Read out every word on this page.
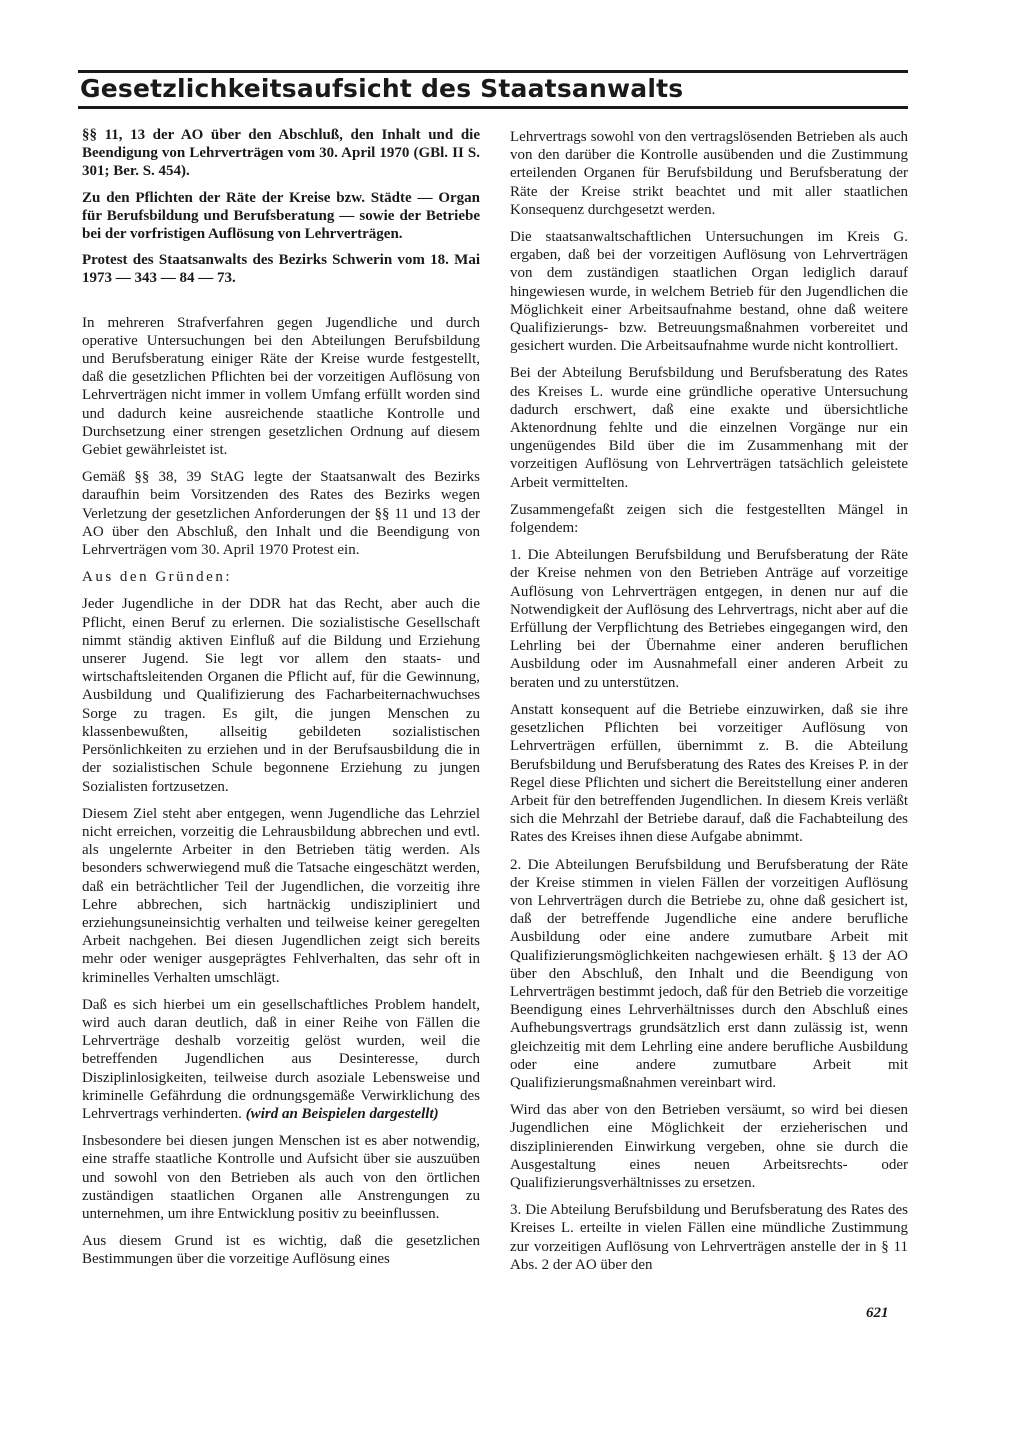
Gesetzlichkeitsaufsicht des Staatsanwalts

§§ 11, 13 der AO über den Abschluß, den Inhalt und die Beendigung von Lehrverträgen vom 30. April 1970 (GBl. II S. 301; Ber. S. 454).

Zu den Pflichten der Räte der Kreise bzw. Städte — Organ für Berufsbildung und Berufsberatung — sowie der Betriebe bei der vorfristigen Auflösung von Lehrverträgen.

Protest des Staatsanwalts des Bezirks Schwerin vom 18. Mai 1973 — 343 — 84 — 73.

In mehreren Strafverfahren gegen Jugendliche und durch operative Untersuchungen bei den Abteilungen Berufsbildung und Berufsberatung einiger Räte der Kreise wurde festgestellt, daß die gesetzlichen Pflichten bei der vorzeitigen Auflösung von Lehrverträgen nicht immer in vollem Umfang erfüllt worden sind und dadurch keine ausreichende staatliche Kontrolle und Durchsetzung einer strengen gesetzlichen Ordnung auf diesem Gebiet gewährleistet ist.

Gemäß §§ 38, 39 StAG legte der Staatsanwalt des Bezirks daraufhin beim Vorsitzenden des Rates des Bezirks wegen Verletzung der gesetzlichen Anforderungen der §§ 11 und 13 der AO über den Abschluß, den Inhalt und die Beendigung von Lehrverträgen vom 30. April 1970 Protest ein.

Aus den Gründen:

Jeder Jugendliche in der DDR hat das Recht, aber auch die Pflicht, einen Beruf zu erlernen. Die sozialistische Gesellschaft nimmt ständig aktiven Einfluß auf die Bildung und Erziehung unserer Jugend. Sie legt vor allem den staats- und wirtschaftsleitenden Organen die Pflicht auf, für die Gewinnung, Ausbildung und Qualifizierung des Facharbeiternachwuchses Sorge zu tragen. Es gilt, die jungen Menschen zu klassenbewußten, allseitig gebildeten sozialistischen Persönlichkeiten zu erziehen und in der Berufsausbildung die in der sozialistischen Schule begonnene Erziehung zu jungen Sozialisten fortzusetzen.

Diesem Ziel steht aber entgegen, wenn Jugendliche das Lehrziel nicht erreichen, vorzeitig die Lehrausbildung abbrechen und evtl. als ungelernte Arbeiter in den Betrieben tätig werden. Als besonders schwerwiegend muß die Tatsache eingeschätzt werden, daß ein beträchtlicher Teil der Jugendlichen, die vorzeitig ihre Lehre abbrechen, sich hartnäckig undiszipliniert und erziehungsuneinsichtig verhalten und teilweise keiner geregelten Arbeit nachgehen. Bei diesen Jugendlichen zeigt sich bereits mehr oder weniger ausgeprägtes Fehlverhalten, das sehr oft in kriminelles Verhalten umschlägt.

Daß es sich hierbei um ein gesellschaftliches Problem handelt, wird auch daran deutlich, daß in einer Reihe von Fällen die Lehrverträge deshalb vorzeitig gelöst wurden, weil die betreffenden Jugendlichen aus Desinteresse, durch Disziplinlosigkeiten, teilweise durch asoziale Lebensweise und kriminelle Gefährdung die ordnungsgemäße Verwirklichung des Lehrvertrags verhinderten. (wird an Beispielen dargestellt)

Insbesondere bei diesen jungen Menschen ist es aber notwendig, eine straffe staatliche Kontrolle und Aufsicht über sie auszuüben und sowohl von den Betrieben als auch von den örtlichen zuständigen staatlichen Organen alle Anstrengungen zu unternehmen, um ihre Entwicklung positiv zu beeinflussen.

Aus diesem Grund ist es wichtig, daß die gesetzlichen Bestimmungen über die vorzeitige Auflösung eines

Lehrvertrags sowohl von den vertragslösenden Betrieben als auch von den darüber die Kontrolle ausübenden und die Zustimmung erteilenden Organen für Berufsbildung und Berufsberatung der Räte der Kreise strikt beachtet und mit aller staatlichen Konsequenz durchgesetzt werden.

Die staatsanwaltschaftlichen Untersuchungen im Kreis G. ergaben, daß bei der vorzeitigen Auflösung von Lehrverträgen von dem zuständigen staatlichen Organ lediglich darauf hingewiesen wurde, in welchem Betrieb für den Jugendlichen die Möglichkeit einer Arbeitsaufnahme bestand, ohne daß weitere Qualifizierungs- bzw. Betreuungsmaßnahmen vorbereitet und gesichert wurden. Die Arbeitsaufnahme wurde nicht kontrolliert.

Bei der Abteilung Berufsbildung und Berufsberatung des Rates des Kreises L. wurde eine gründliche operative Untersuchung dadurch erschwert, daß eine exakte und übersichtliche Aktenordnung fehlte und die einzelnen Vorgänge nur ein ungenügendes Bild über die im Zusammenhang mit der vorzeitigen Auflösung von Lehrverträgen tatsächlich geleistete Arbeit vermittelten.

Zusammengefaßt zeigen sich die festgestellten Mängel in folgendem:

1. Die Abteilungen Berufsbildung und Berufsberatung der Räte der Kreise nehmen von den Betrieben Anträge auf vorzeitige Auflösung von Lehrverträgen entgegen, in denen nur auf die Notwendigkeit der Auflösung des Lehrvertrags, nicht aber auf die Erfüllung der Verpflichtung des Betriebes eingegangen wird, den Lehrling bei der Übernahme einer anderen beruflichen Ausbildung oder im Ausnahmefall einer anderen Arbeit zu beraten und zu unterstützen.

Anstatt konsequent auf die Betriebe einzuwirken, daß sie ihre gesetzlichen Pflichten bei vorzeitiger Auflösung von Lehrverträgen erfüllen, übernimmt z. B. die Abteilung Berufsbildung und Berufsberatung des Rates des Kreises P. in der Regel diese Pflichten und sichert die Bereitstellung einer anderen Arbeit für den betreffenden Jugendlichen. In diesem Kreis verläßt sich die Mehrzahl der Betriebe darauf, daß die Fachabteilung des Rates des Kreises ihnen diese Aufgabe abnimmt.

2. Die Abteilungen Berufsbildung und Berufsberatung der Räte der Kreise stimmen in vielen Fällen der vorzeitigen Auflösung von Lehrverträgen durch die Betriebe zu, ohne daß gesichert ist, daß der betreffende Jugendliche eine andere berufliche Ausbildung oder eine andere zumutbare Arbeit mit Qualifizierungsmöglichkeiten nachgewiesen erhält. § 13 der AO über den Abschluß, den Inhalt und die Beendigung von Lehrverträgen bestimmt jedoch, daß für den Betrieb die vorzeitige Beendigung eines Lehrverhältnisses durch den Abschluß eines Aufhebungsvertrags grundsätzlich erst dann zulässig ist, wenn gleichzeitig mit dem Lehrling eine andere berufliche Ausbildung oder eine andere zumutbare Arbeit mit Qualifizierungsmaßnahmen vereinbart wird.

Wird das aber von den Betrieben versäumt, so wird bei diesen Jugendlichen eine Möglichkeit der erzieherischen und disziplinierenden Einwirkung vergeben, ohne sie durch die Ausgestaltung eines neuen Arbeitsrechts- oder Qualifizierungsverhältnisses zu ersetzen.

3. Die Abteilung Berufsbildung und Berufsberatung des Rates des Kreises L. erteilte in vielen Fällen eine mündliche Zustimmung zur vorzeitigen Auflösung von Lehrverträgen anstelle der in § 11 Abs. 2 der AO über den

621
